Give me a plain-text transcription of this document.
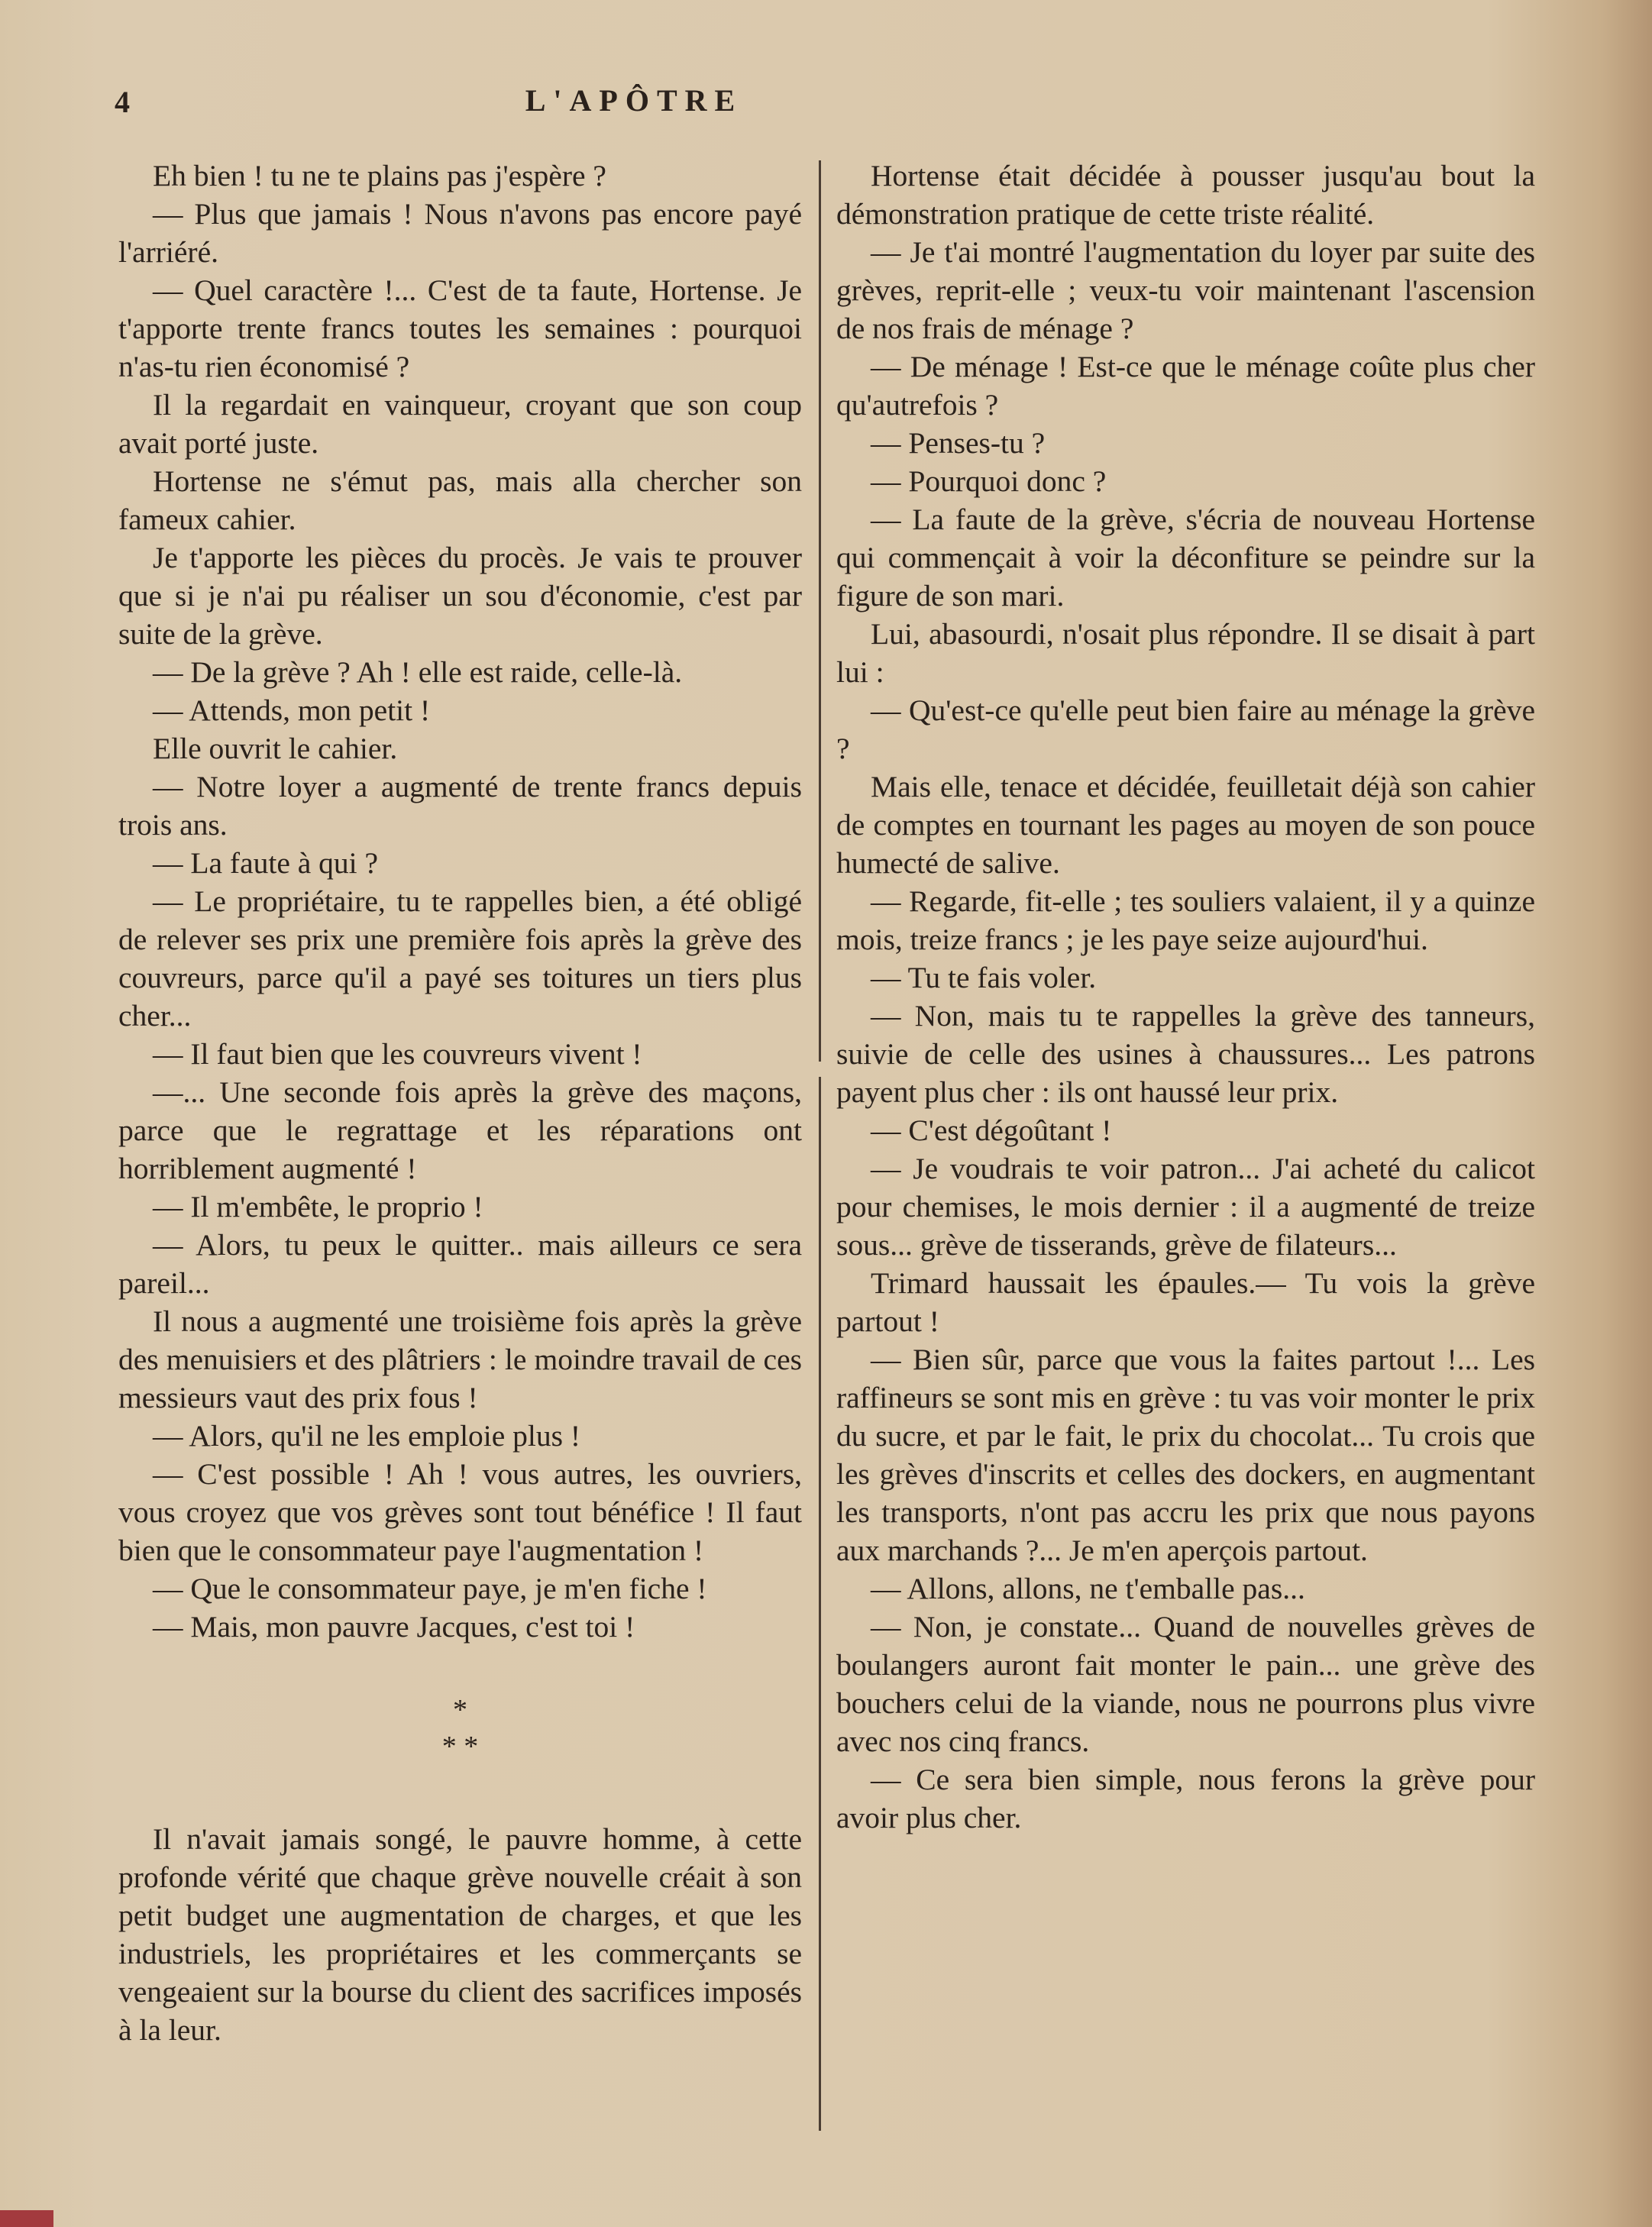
4	L'APÔTRE

Eh bien ! tu ne te plains pas j'espère ?

— Plus que jamais ! Nous n'avons pas encore payé l'arriéré.

— Quel caractère !... C'est de ta faute, Hortense. Je t'apporte trente francs toutes les semaines : pourquoi n'as-tu rien économisé ?

Il la regardait en vainqueur, croyant que son coup avait porté juste.

Hortense ne s'émut pas, mais alla chercher son fameux cahier.

Je t'apporte les pièces du procès. Je vais te prouver que si je n'ai pu réaliser un sou d'économie, c'est par suite de la grève.

— De la grève ? Ah ! elle est raide, celle-là.

— Attends, mon petit !

Elle ouvrit le cahier.

— Notre loyer a augmenté de trente francs depuis trois ans.

— La faute à qui ?

— Le propriétaire, tu te rappelles bien, a été obligé de relever ses prix une première fois après la grève des couvreurs, parce qu'il a payé ses toitures un tiers plus cher...

— Il faut bien que les couvreurs vivent !

—... Une seconde fois après la grève des maçons, parce que le regrattage et les réparations ont horriblement augmenté !

— Il m'embête, le proprio !

— Alors, tu peux le quitter.. mais ailleurs ce sera pareil...

Il nous a augmenté une troisième fois après la grève des menuisiers et des plâtriers : le moindre travail de ces messieurs vaut des prix fous !

— Alors, qu'il ne les emploie plus !

— C'est possible ! Ah ! vous autres, les ouvriers, vous croyez que vos grèves sont tout bénéfice ! Il faut bien que le consommateur paye l'augmentation !

— Que le consommateur paye, je m'en fiche !

— Mais, mon pauvre Jacques, c'est toi !

*
* *

Il n'avait jamais songé, le pauvre homme, à cette profonde vérité que chaque grève nouvelle créait à son petit budget une augmentation de charges, et que les industriels, les propriétaires et les commerçants se vengeaient sur la bourse du client des sacrifices imposés à la leur.

Hortense était décidée à pousser jusqu'au bout la démonstration pratique de cette triste réalité.

— Je t'ai montré l'augmentation du loyer par suite des grèves, reprit-elle ; veux-tu voir maintenant l'ascension de nos frais de ménage ?

— De ménage ! Est-ce que le ménage coûte plus cher qu'autrefois ?

— Penses-tu ?

— Pourquoi donc ?

— La faute de la grève, s'écria de nouveau Hortense qui commençait à voir la déconfiture se peindre sur la figure de son mari.

Lui, abasourdi, n'osait plus répondre. Il se disait à part lui :

— Qu'est-ce qu'elle peut bien faire au ménage la grève ?

Mais elle, tenace et décidée, feuilletait déjà son cahier de comptes en tournant les pages au moyen de son pouce humecté de salive.

— Regarde, fit-elle ; tes souliers valaient, il y a quinze mois, treize francs ; je les paye seize aujourd'hui.

— Tu te fais voler.

— Non, mais tu te rappelles la grève des tanneurs, suivie de celle des usines à chaussures... Les patrons payent plus cher : ils ont haussé leur prix.

— C'est dégoûtant !

— Je voudrais te voir patron... J'ai acheté du calicot pour chemises, le mois dernier : il a augmenté de treize sous... grève de tisserands, grève de filateurs...

Trimard haussait les épaules.— Tu vois la grève partout !

— Bien sûr, parce que vous la faites partout !... Les raffineurs se sont mis en grève : tu vas voir monter le prix du sucre, et par le fait, le prix du chocolat... Tu crois que les grèves d'inscrits et celles des dockers, en augmentant les transports, n'ont pas accru les prix que nous payons aux marchands ?... Je m'en aperçois partout.

— Allons, allons, ne t'emballe pas...

— Non, je constate... Quand de nouvelles grèves de boulangers auront fait monter le pain... une grève des bouchers celui de la viande, nous ne pourrons plus vivre avec nos cinq francs.

— Ce sera bien simple, nous ferons la grève pour avoir plus cher.
